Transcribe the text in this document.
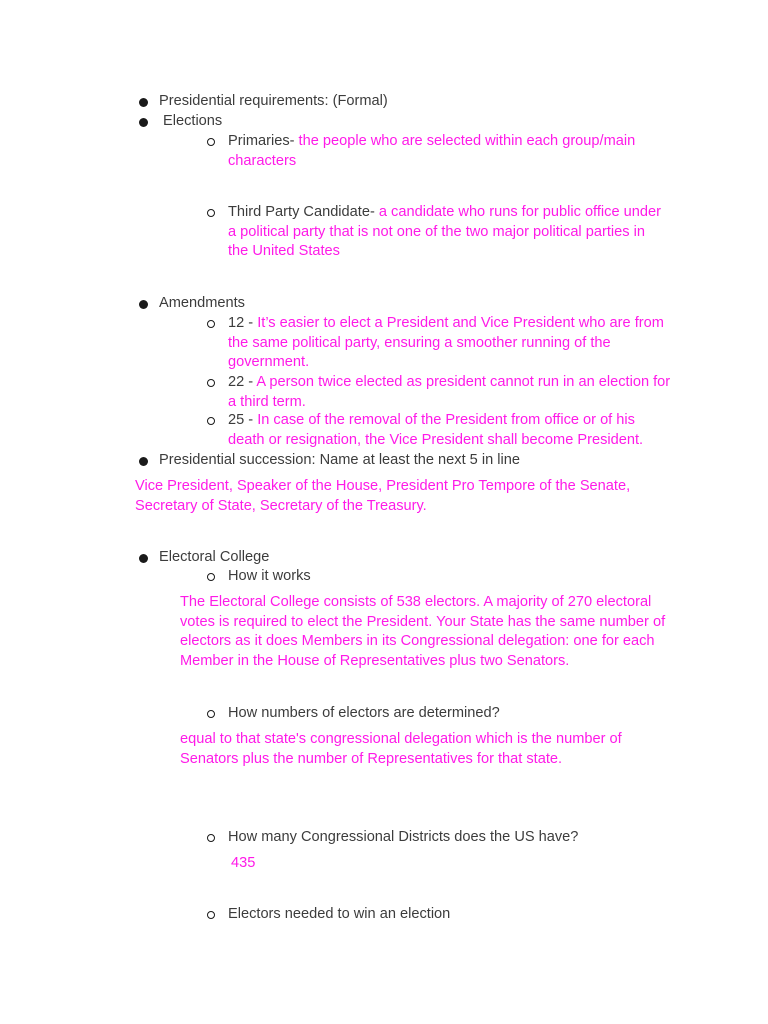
Presidential requirements: (Formal)
Elections
Primaries- the people who are selected within each group/main characters
Third Party Candidate- a candidate who runs for public office under a political party that is not one of the two major political parties in the United States
Amendments
12 - It’s easier to elect a President and Vice President who are from the same political party, ensuring a smoother running of the government.
22 - A person twice elected as president cannot run in an election for a third term.
25 - In case of the removal of the President from office or of his death or resignation, the Vice President shall become President.
Presidential succession: Name at least the next 5 in line
Vice President, Speaker of the House, President Pro Tempore of the Senate, Secretary of State, Secretary of the Treasury.
Electoral College
How it works
The Electoral College consists of 538 electors. A majority of 270 electoral votes is required to elect the President. Your State has the same number of electors as it does Members in its Congressional delegation: one for each Member in the House of Representatives plus two Senators.
How numbers of electors are determined?
equal to that state's congressional delegation which is the number of Senators plus the number of Representatives for that state.
How many Congressional Districts does the US have?
435
Electors needed to win an election
